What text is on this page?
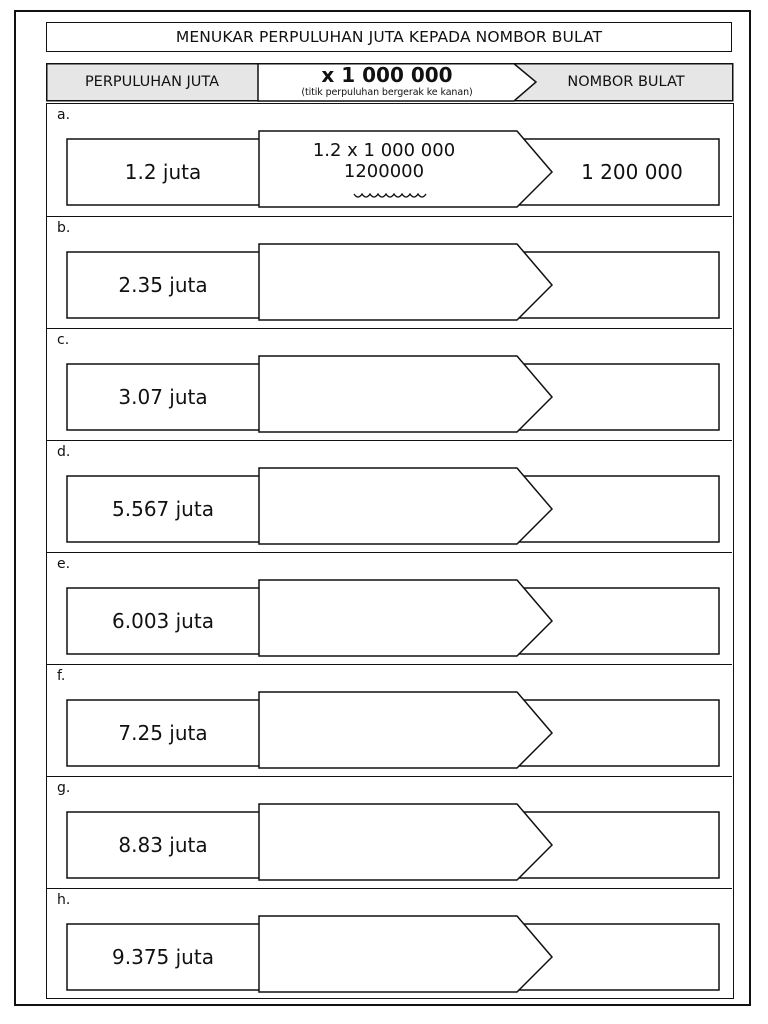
MENUKAR PERPULUHAN JUTA KEPADA NOMBOR BULAT
PERPULUHAN JUTA	x 1 000 000
(titik perpuluhan bergerak ke kanan)
NOMBOR BULAT
a.
1.2 juta
1.2 x 1 000 000
1200000	1 200 000
b.
2.35 juta
c.
3.07 juta
d.
5.567 juta
e.
6.003 juta
f.
7.25 juta
g.
8.83 juta
h.
9.375 juta
